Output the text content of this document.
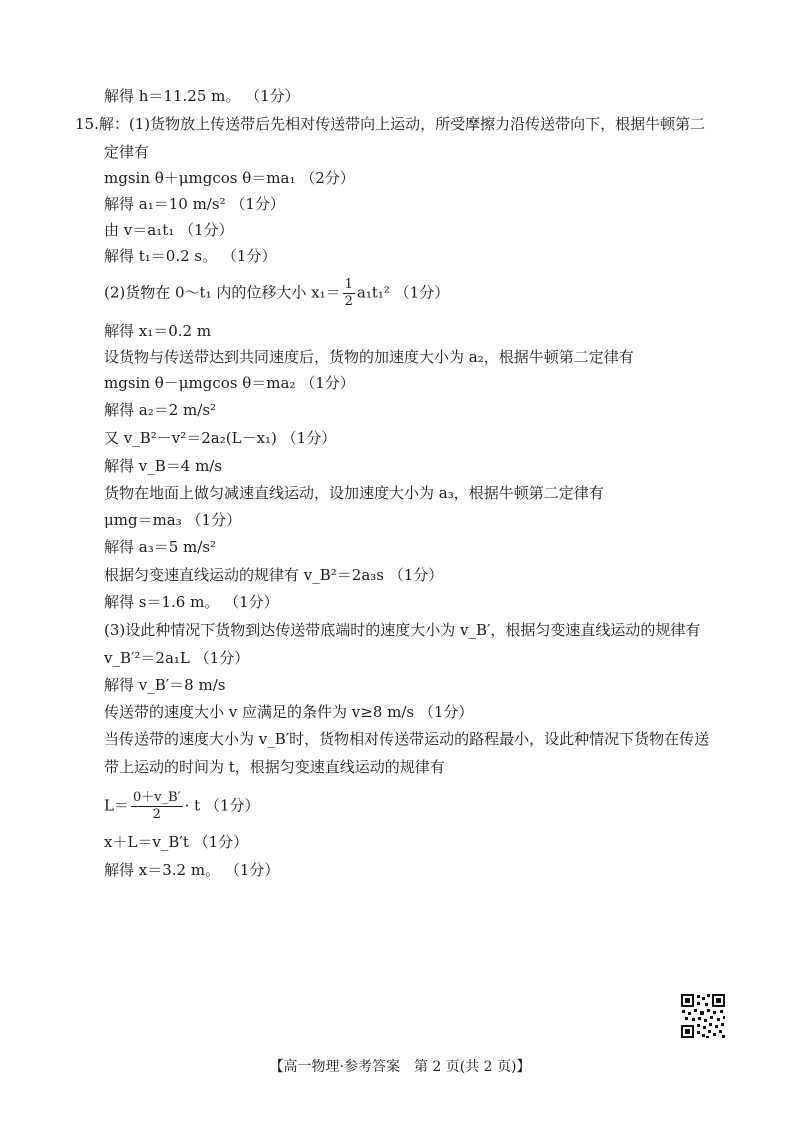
解得 h＝11.25 m。 （1分）
15.解：(1)货物放上传送带后先相对传送带向上运动，所受摩擦力沿传送带向下，根据牛顿第二
定律有
mgsin θ＋μmgcos θ＝ma₁ （2分）
解得 a₁＝10 m/s² （1分）
由 v＝a₁t₁ （1分）
解得 t₁＝0.2 s。 （1分）
(2)货物在 0～t₁ 内的位移大小 $x_1= \frac{1}{2} a_1t_1^2$ （1分）
解得 x₁＝0.2 m
设货物与传送带达到共同速度后，货物的加速度大小为 a₂，根据牛顿第二定律有
mgsin θ－μmgcos θ＝ma₂ （1分）
解得 a₂＝2 m/s²
又 v_B²－v²＝2a₂(L－x₁) （1分）
解得 v_B＝4 m/s
货物在地面上做匀减速直线运动，设加速度大小为 a₃，根据牛顿第二定律有
μmg＝ma₃ （1分）
解得 a₃＝5 m/s²
根据匀变速直线运动的规律有 v_B²＝2a₃s （1分）
解得 s＝1.6 m。 （1分）
(3)设此种情况下货物到达传送带底端时的速度大小为 v_B′，根据匀变速直线运动的规律有
v_B′²＝2a₁L （1分）
解得 v_B′＝8 m/s
传送带的速度大小 v 应满足的条件为 v≥8 m/s （1分）
当传送带的速度大小为 v_B′时，货物相对传送带运动的路程最小，设此种情况下货物在传送
带上运动的时间为 t，根据匀变速直线运动的规律有
$L= \frac{0+v\_B'}{2} \cdot t$ （1分）
x＋L＝v_B′t （1分）
解得 x＝3.2 m。 （1分）
【高一物理·参考答案　第 2 页(共 2 页)】
